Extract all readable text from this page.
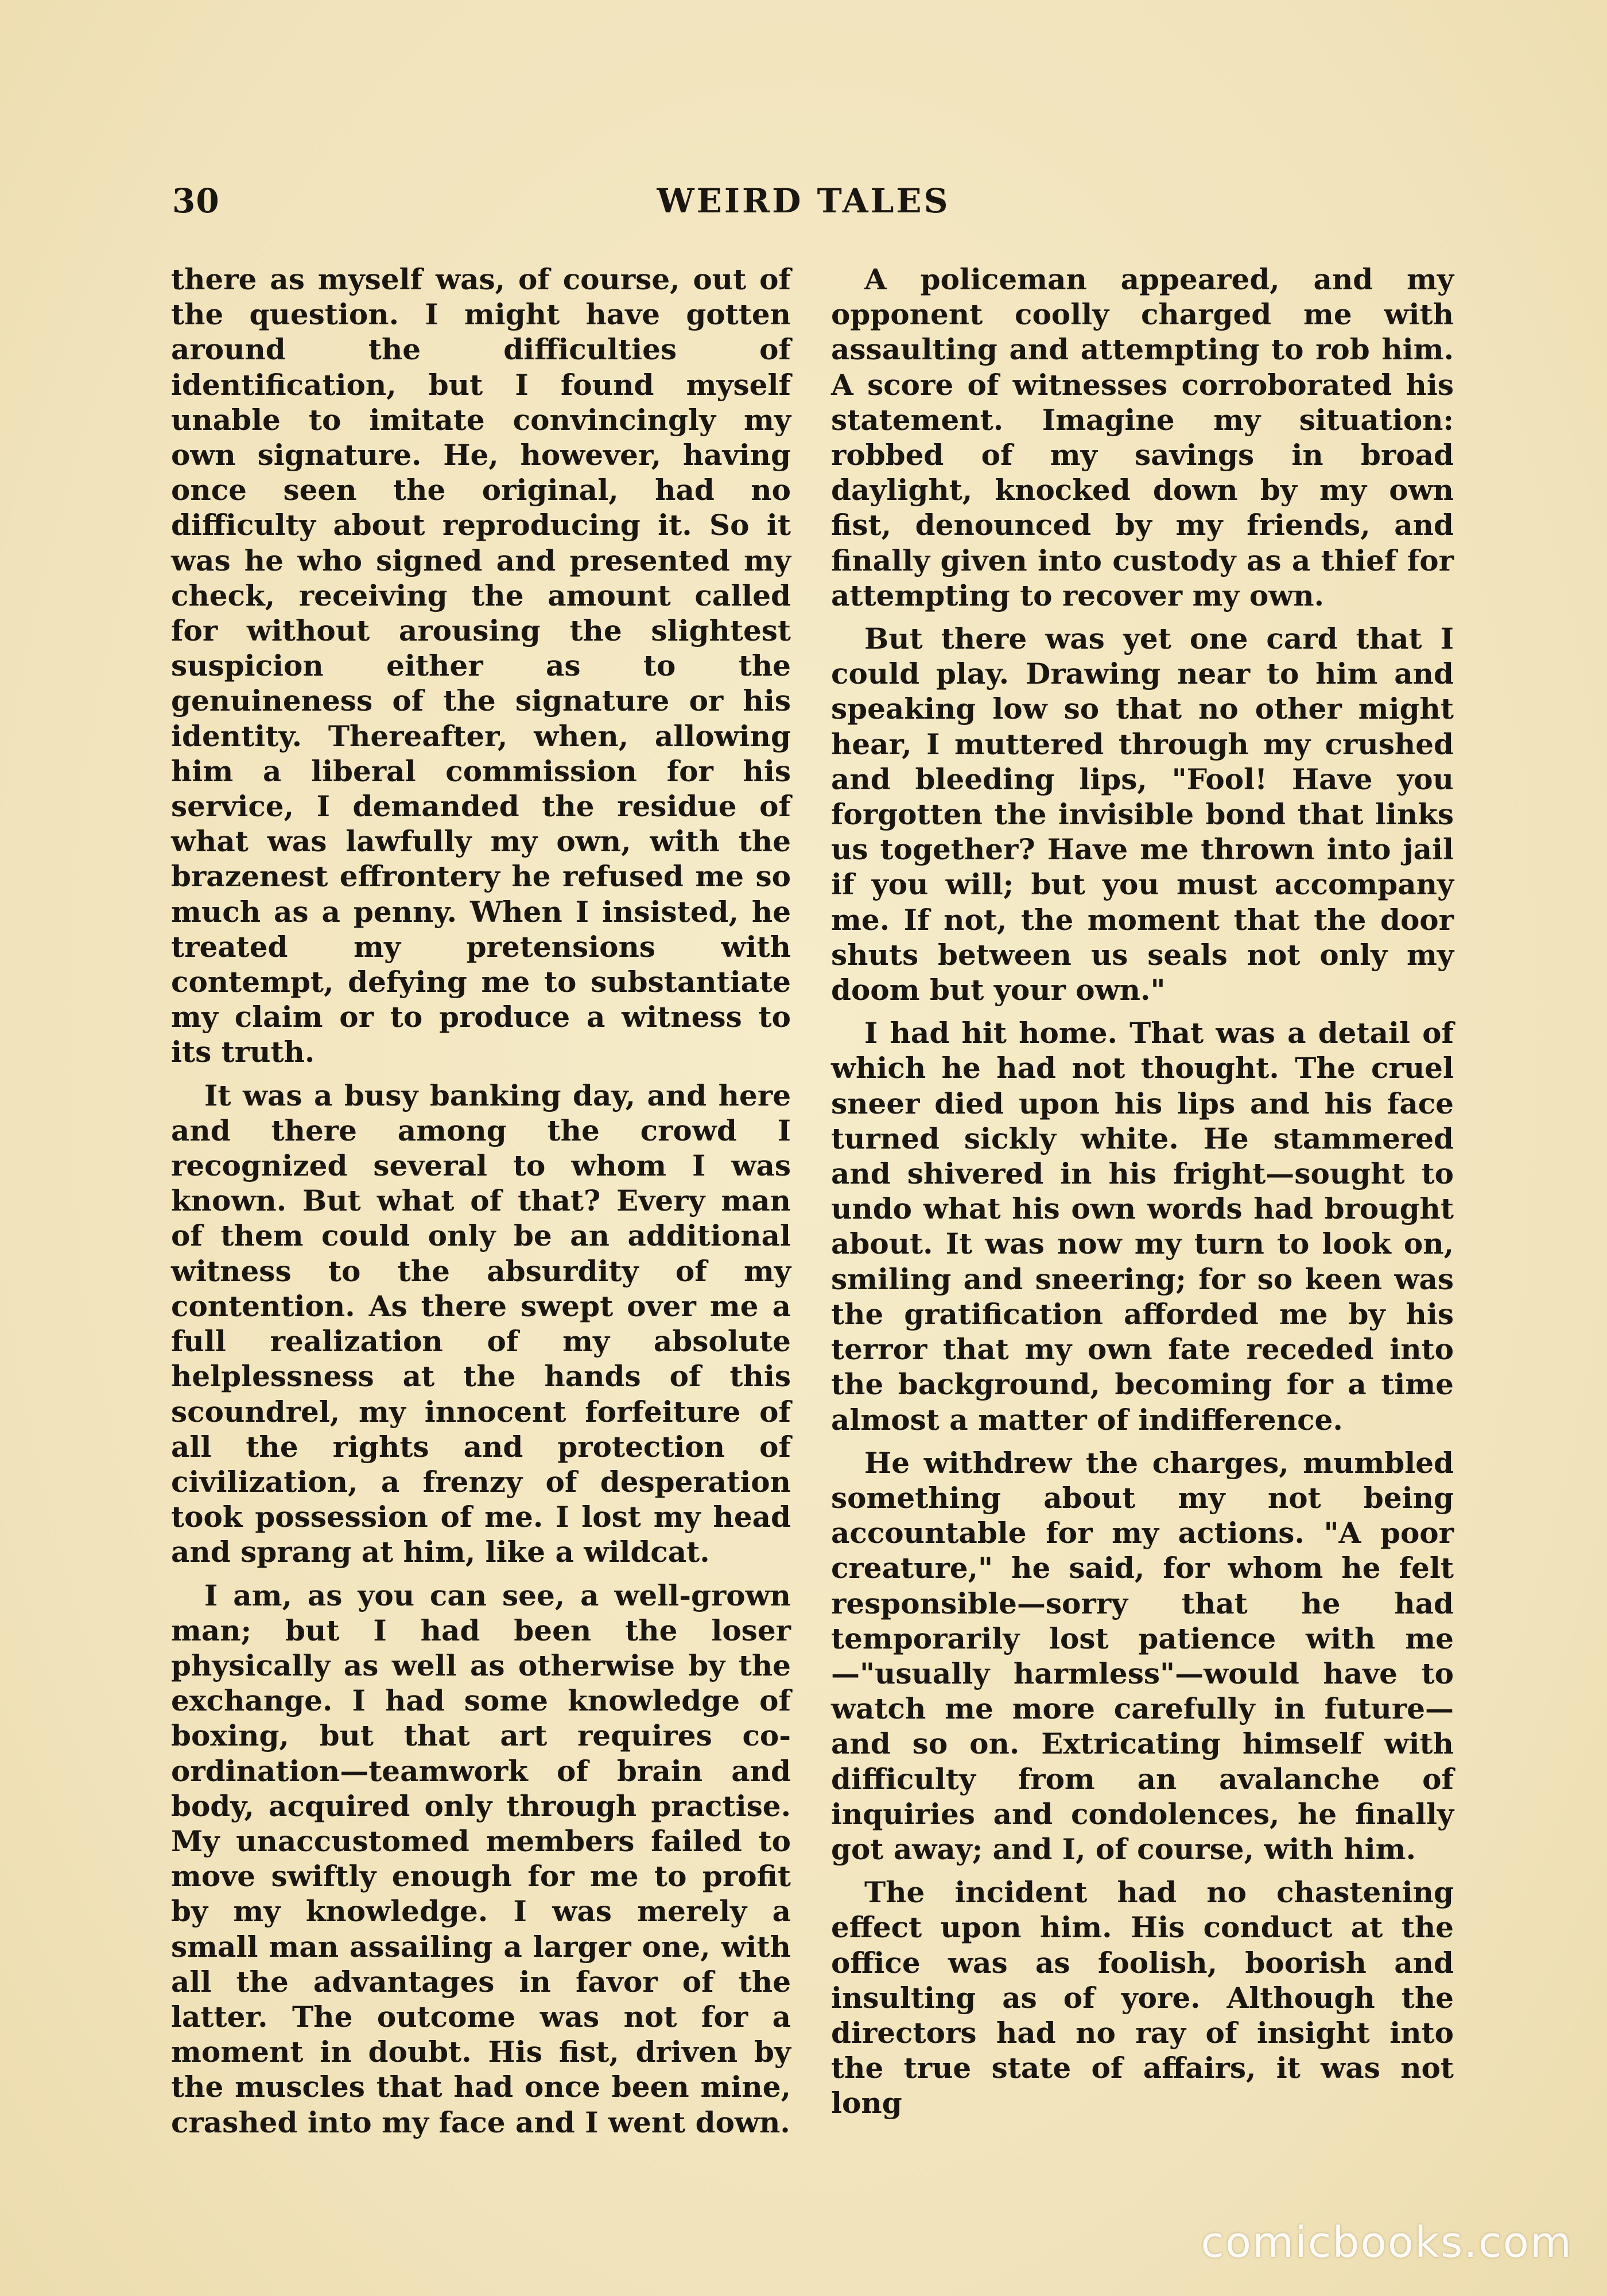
30	WEIRD TALES

there as myself was, of course, out of the question. I might have gotten around the difficulties of identification, but I found myself unable to imitate convincingly my own signature. He, however, having once seen the original, had no difficulty about reproducing it. So it was he who signed and presented my check, receiving the amount called for without arousing the slightest suspicion either as to the genuineness of the signature or his identity. Thereafter, when, allowing him a liberal commission for his service, I demanded the residue of what was lawfully my own, with the brazenest effrontery he refused me so much as a penny. When I insisted, he treated my pretensions with contempt, defying me to substantiate my claim or to produce a witness to its truth.

It was a busy banking day, and here and there among the crowd I recognized several to whom I was known. But what of that? Every man of them could only be an additional witness to the absurdity of my contention. As there swept over me a full realization of my absolute helplessness at the hands of this scoundrel, my innocent forfeiture of all the rights and protection of civilization, a frenzy of desperation took possession of me. I lost my head and sprang at him, like a wildcat.

I am, as you can see, a well-grown man; but I had been the loser physically as well as otherwise by the exchange. I had some knowledge of boxing, but that art requires co-ordination—teamwork of brain and body, acquired only through practise. My unaccustomed members failed to move swiftly enough for me to profit by my knowledge. I was merely a small man assailing a larger one, with all the advantages in favor of the latter. The outcome was not for a moment in doubt. His fist, driven by the muscles that had once been mine, crashed into my face and I went down.

A policeman appeared, and my opponent coolly charged me with assaulting and attempting to rob him. A score of witnesses corroborated his statement. Imagine my situation: robbed of my savings in broad daylight, knocked down by my own fist, denounced by my friends, and finally given into custody as a thief for attempting to recover my own.

But there was yet one card that I could play. Drawing near to him and speaking low so that no other might hear, I muttered through my crushed and bleeding lips, "Fool! Have you forgotten the invisible bond that links us together? Have me thrown into jail if you will; but you must accompany me. If not, the moment that the door shuts between us seals not only my doom but your own."

I had hit home. That was a detail of which he had not thought. The cruel sneer died upon his lips and his face turned sickly white. He stammered and shivered in his fright—sought to undo what his own words had brought about. It was now my turn to look on, smiling and sneering; for so keen was the gratification afforded me by his terror that my own fate receded into the background, becoming for a time almost a matter of indifference.

He withdrew the charges, mumbled something about my not being accountable for my actions. "A poor creature," he said, for whom he felt responsible—sorry that he had temporarily lost patience with me—"usually harmless"—would have to watch me more carefully in future—and so on. Extricating himself with difficulty from an avalanche of inquiries and condolences, he finally got away; and I, of course, with him.

The incident had no chastening effect upon him. His conduct at the office was as foolish, boorish and insulting as of yore. Although the directors had no ray of insight into the true state of affairs, it was not long

comicbooks.com
